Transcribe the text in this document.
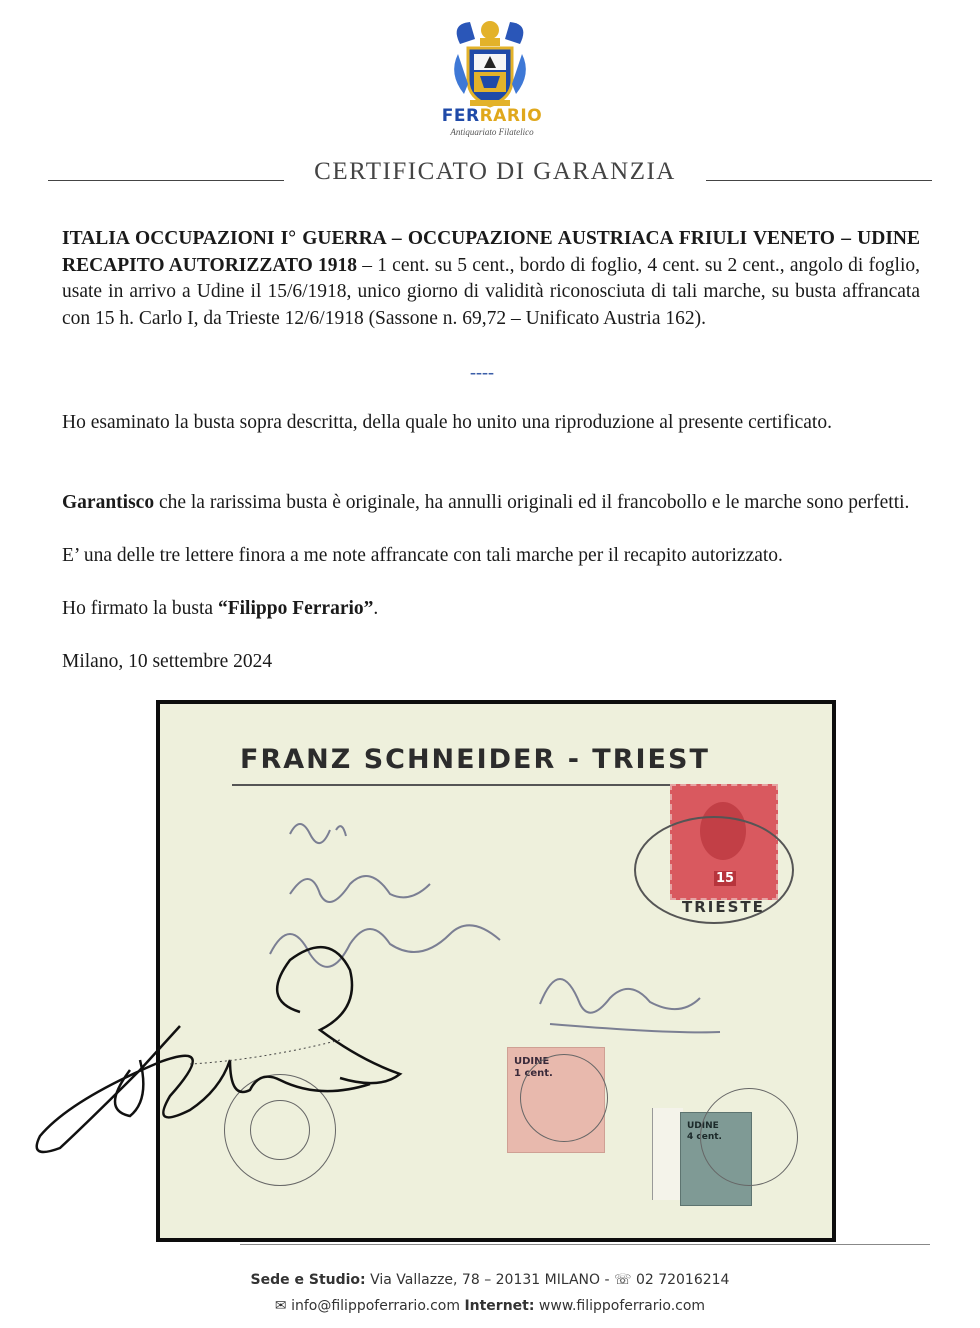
FERRARIO
Antiquariato Filatelico
CERTIFICATO DI GARANZIA
ITALIA OCCUPAZIONI I° GUERRA – OCCUPAZIONE AUSTRIACA FRIULI VENETO – UDINE RECAPITO AUTORIZZATO 1918 – 1 cent. su 5 cent., bordo di foglio, 4 cent. su 2 cent., angolo di foglio, usate in arrivo a Udine il 15/6/1918, unico giorno di validità riconosciuta di tali marche, su busta affrancata con 15 h. Carlo I, da Trieste 12/6/1918 (Sassone n. 69,72 – Unificato Austria 162).
----
Ho esaminato la busta sopra descritta, della quale ho unito una riproduzione al presente certificato.
Garantisco che la rarissima busta è originale, ha annulli originali ed il francobollo e le marche sono perfetti.
E’ una delle tre lettere finora a me note affrancate con tali marche per il recapito autorizzato.
Ho firmato la busta “Filippo Ferrario”.
Milano, 10 settembre 2024
FRANZ SCHNEIDER - TRIEST
15
TRIESTE
UDINE
1 cent.
UDINE
4 cent.
Sede e Studio: Via Vallazze, 78 – 20131 MILANO - ☏ 02 72016214
✉ info@filippoferrario.com Internet: www.filippoferrario.com
